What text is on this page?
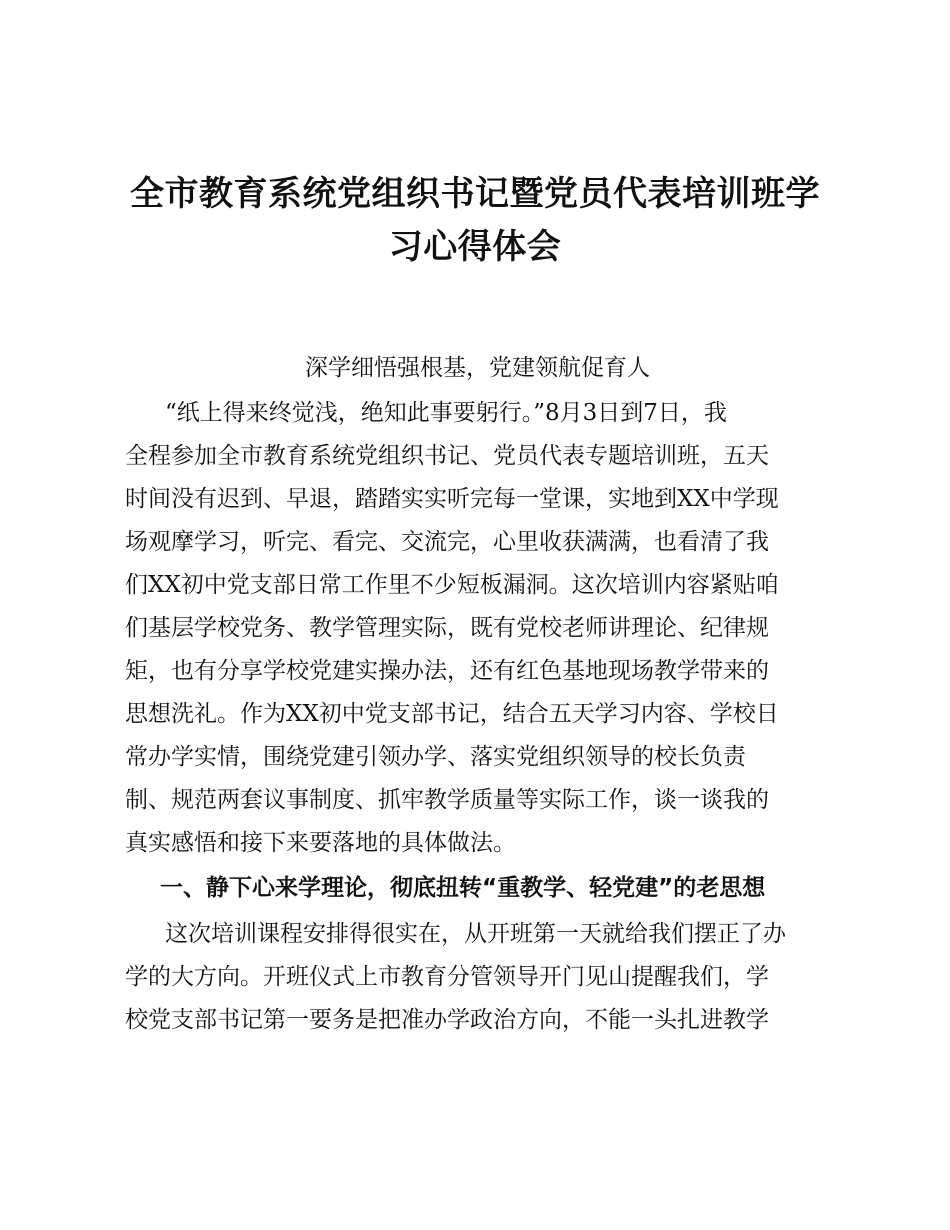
全市教育系统党组织书记暨党员代表培训班学
习心得体会
深学细悟强根基，党建领航促育人
“纸上得来终觉浅，绝知此事要躬行。”8月3日到7日，我
全程参加全市教育系统党组织书记、党员代表专题培训班，五天
时间没有迟到、早退，踏踏实实听完每一堂课，实地到XX中学现
场观摩学习，听完、看完、交流完，心里收获满满，也看清了我
们XX初中党支部日常工作里不少短板漏洞。这次培训内容紧贴咱
们基层学校党务、教学管理实际，既有党校老师讲理论、纪律规
矩，也有分享学校党建实操办法，还有红色基地现场教学带来的
思想洗礼。作为XX初中党支部书记，结合五天学习内容、学校日
常办学实情，围绕党建引领办学、落实党组织领导的校长负责
制、规范两套议事制度、抓牢教学质量等实际工作，谈一谈我的
真实感悟和接下来要落地的具体做法。
一、静下心来学理论，彻底扭转“重教学、轻党建”的老思想
这次培训课程安排得很实在，从开班第一天就给我们摆正了办
学的大方向。开班仪式上市教育分管领导开门见山提醒我们，学
校党支部书记第一要务是把准办学政治方向，不能一头扎进教学
